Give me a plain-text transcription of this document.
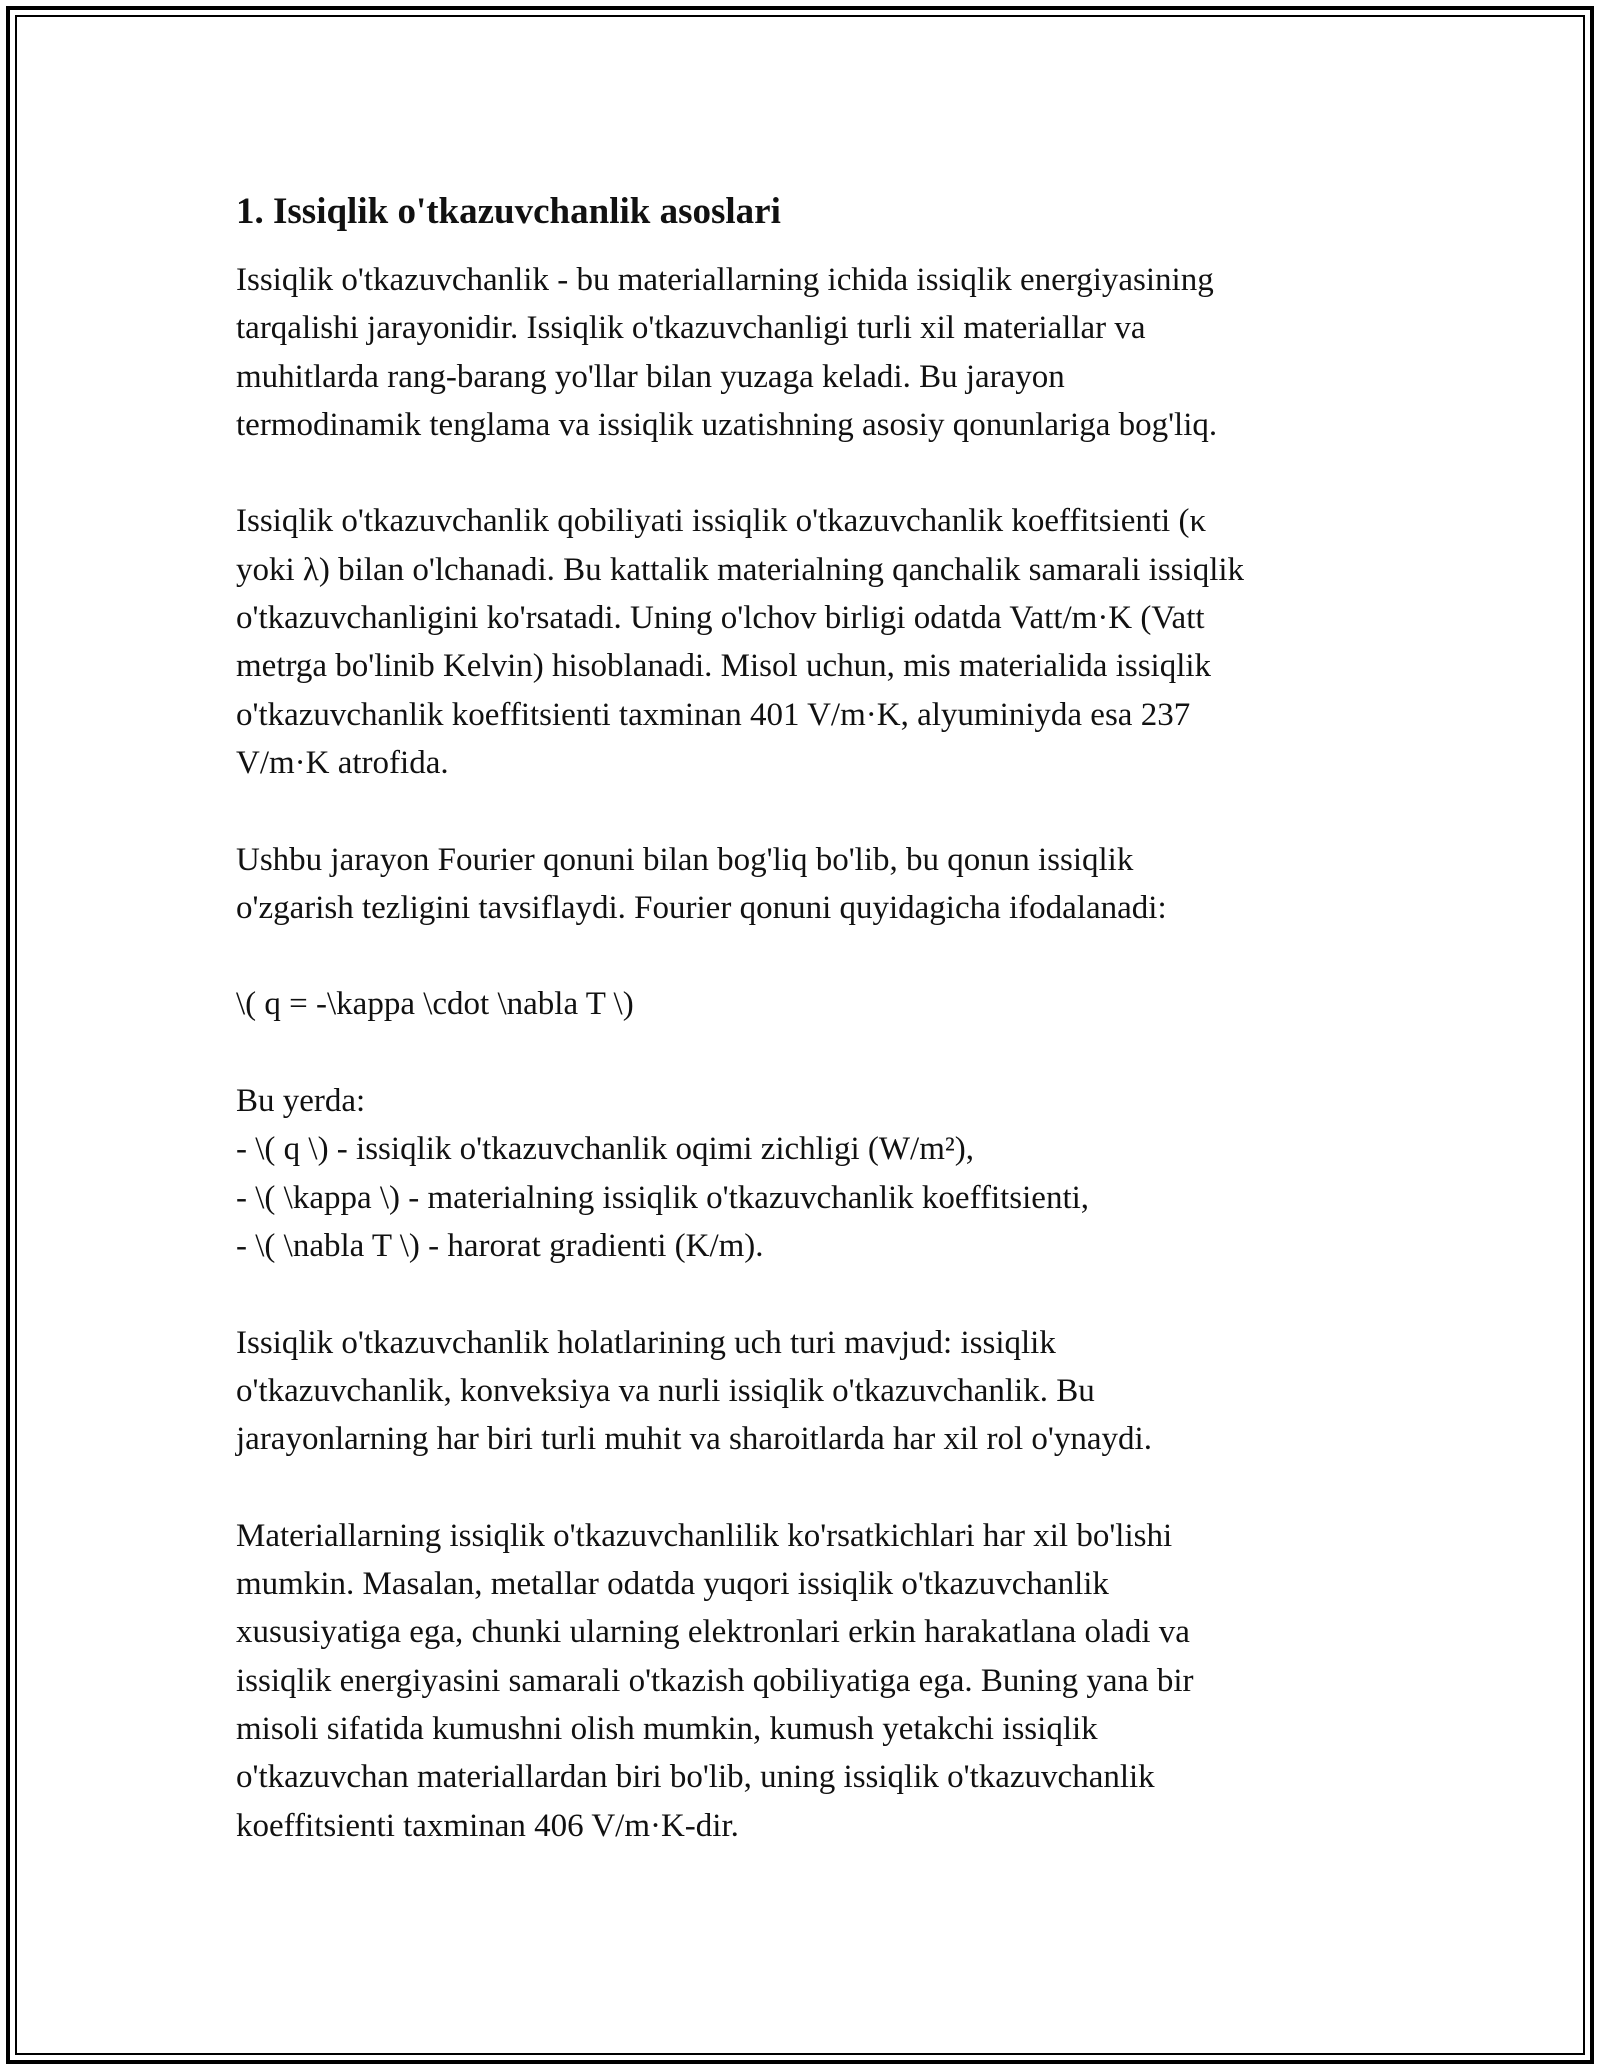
1. Issiqlik o'tkazuvchanlik asoslari

Issiqlik o'tkazuvchanlik - bu materiallarning ichida issiqlik energiyasining
tarqalishi jarayonidir. Issiqlik o'tkazuvchanligi turli xil materiallar va
muhitlarda rang-barang yo'llar bilan yuzaga keladi. Bu jarayon
termodinamik tenglama va issiqlik uzatishning asosiy qonunlariga bog'liq.

Issiqlik o'tkazuvchanlik qobiliyati issiqlik o'tkazuvchanlik koeffitsienti (κ
yoki λ) bilan o'lchanadi. Bu kattalik materialning qanchalik samarali issiqlik
o'tkazuvchanligini ko'rsatadi. Uning o'lchov birligi odatda Vatt/m·K (Vatt
metrga bo'linib Kelvin) hisoblanadi. Misol uchun, mis materialida issiqlik
o'tkazuvchanlik koeffitsienti taxminan 401 V/m·K, alyuminiyda esa 237
V/m·K atrofida.

Ushbu jarayon Fourier qonuni bilan bog'liq bo'lib, bu qonun issiqlik
o'zgarish tezligini tavsiflaydi. Fourier qonuni quyidagicha ifodalanadi:

\( q = -\kappa \cdot \nabla T \)

Bu yerda:
- \( q \) - issiqlik o'tkazuvchanlik oqimi zichligi (W/m²),
- \( \kappa \) - materialning issiqlik o'tkazuvchanlik koeffitsienti,
- \( \nabla T \) - harorat gradienti (K/m).

Issiqlik o'tkazuvchanlik holatlarining uch turi mavjud: issiqlik
o'tkazuvchanlik, konveksiya va nurli issiqlik o'tkazuvchanlik. Bu
jarayonlarning har biri turli muhit va sharoitlarda har xil rol o'ynaydi.

Materiallarning issiqlik o'tkazuvchanlilik ko'rsatkichlari har xil bo'lishi
mumkin. Masalan, metallar odatda yuqori issiqlik o'tkazuvchanlik
xususiyatiga ega, chunki ularning elektronlari erkin harakatlana oladi va
issiqlik energiyasini samarali o'tkazish qobiliyatiga ega. Buning yana bir
misoli sifatida kumushni olish mumkin, kumush yetakchi issiqlik
o'tkazuvchan materiallardan biri bo'lib, uning issiqlik o'tkazuvchanlik
koeffitsienti taxminan 406 V/m·K-dir.
